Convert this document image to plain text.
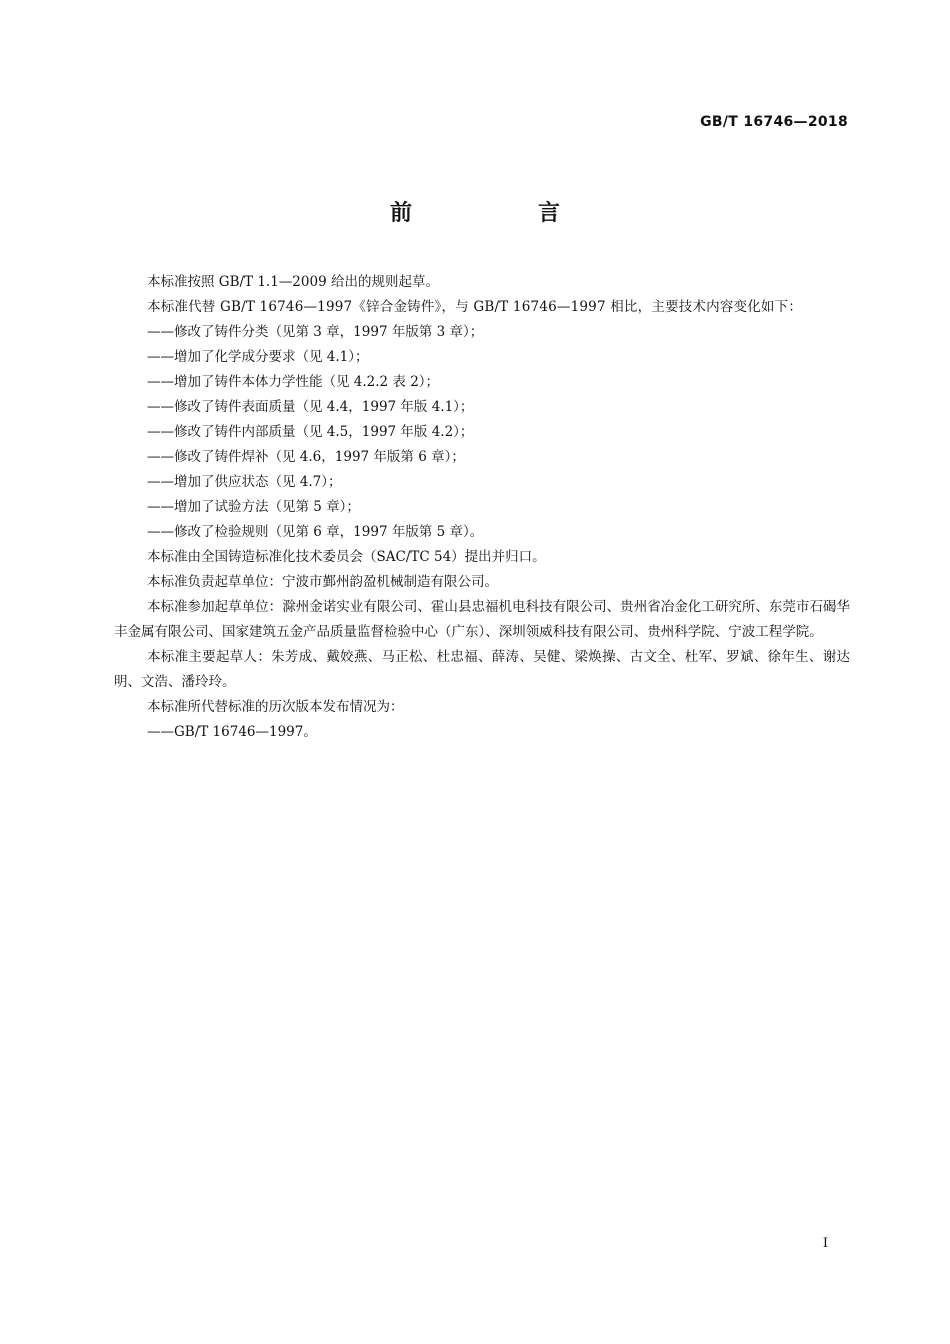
GB/T 16746—2018
前　言

本标准按照 GB/T 1.1—2009 给出的规则起草。

本标准代替 GB/T 16746—1997《锌合金铸件》，与 GB/T 16746—1997 相比，主要技术内容变化如下：

——修改了铸件分类（见第 3 章，1997 年版第 3 章）；

——增加了化学成分要求（见 4.1）；

——增加了铸件本体力学性能（见 4.2.2 表 2）；

——修改了铸件表面质量（见 4.4，1997 年版 4.1）；

——修改了铸件内部质量（见 4.5，1997 年版 4.2）；

——修改了铸件焊补（见 4.6，1997 年版第 6 章）；

——增加了供应状态（见 4.7）；

——增加了试验方法（见第 5 章）；

——修改了检验规则（见第 6 章，1997 年版第 5 章）。

本标准由全国铸造标准化技术委员会（SAC/TC 54）提出并归口。

本标准负责起草单位：宁波市鄞州韵盈机械制造有限公司。

本标准参加起草单位：滁州金诺实业有限公司、霍山县忠福机电科技有限公司、贵州省冶金化工研究所、东莞市石碣华丰金属有限公司、国家建筑五金产品质量监督检验中心（广东）、深圳领威科技有限公司、贵州科学院、宁波工程学院。

本标准主要起草人：朱芳成、戴姣燕、马正松、杜忠福、薛涛、吴健、梁焕操、古文全、杜军、罗斌、徐年生、谢达明、文浩、潘玲玲。

本标准所代替标准的历次版本发布情况为：

——GB/T 16746—1997。

Ⅰ
